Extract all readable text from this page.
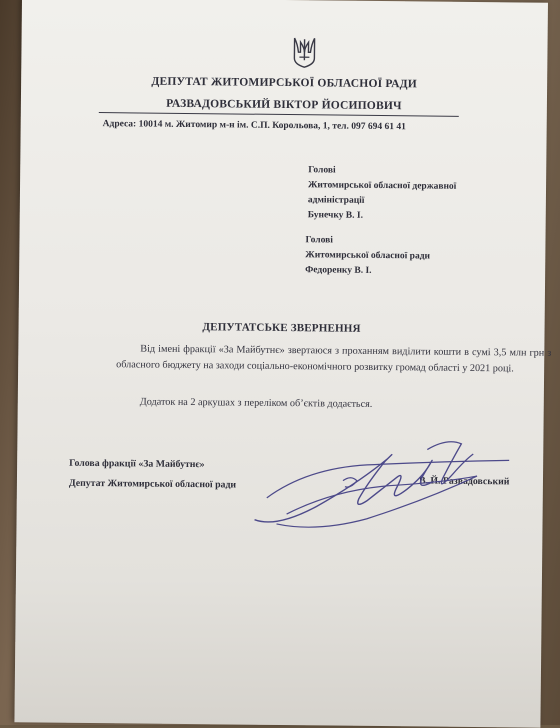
ДЕПУТАТ ЖИТОМИРСЬКОЇ ОБЛАСНОЇ РАДИ
РАЗВАДОВСЬКИЙ ВІКТОР ЙОСИПОВИЧ
Адреса: 10014 м. Житомир м-н ім. С.П. Корольова, 1, тел. 097 694 61 41
Голові
Житомирської обласної державної
адміністрації
Бунечку В. І.
Голові
Житомирської обласної ради
Федоренку В. І.
ДЕПУТАТСЬКЕ ЗВЕРНЕННЯ
Від імені фракції «За Майбутнє» звертаюся з проханням виділити кошти в сумі 3,5 млн грн з обласного бюджету на заходи соціально-економічного розвитку громад області у 2021 році.
Додаток на 2 аркушах з переліком об’єктів додається.
Голова фракції «За Майбутнє»
Депутат Житомирської обласної ради	В. Й. Развадовський
